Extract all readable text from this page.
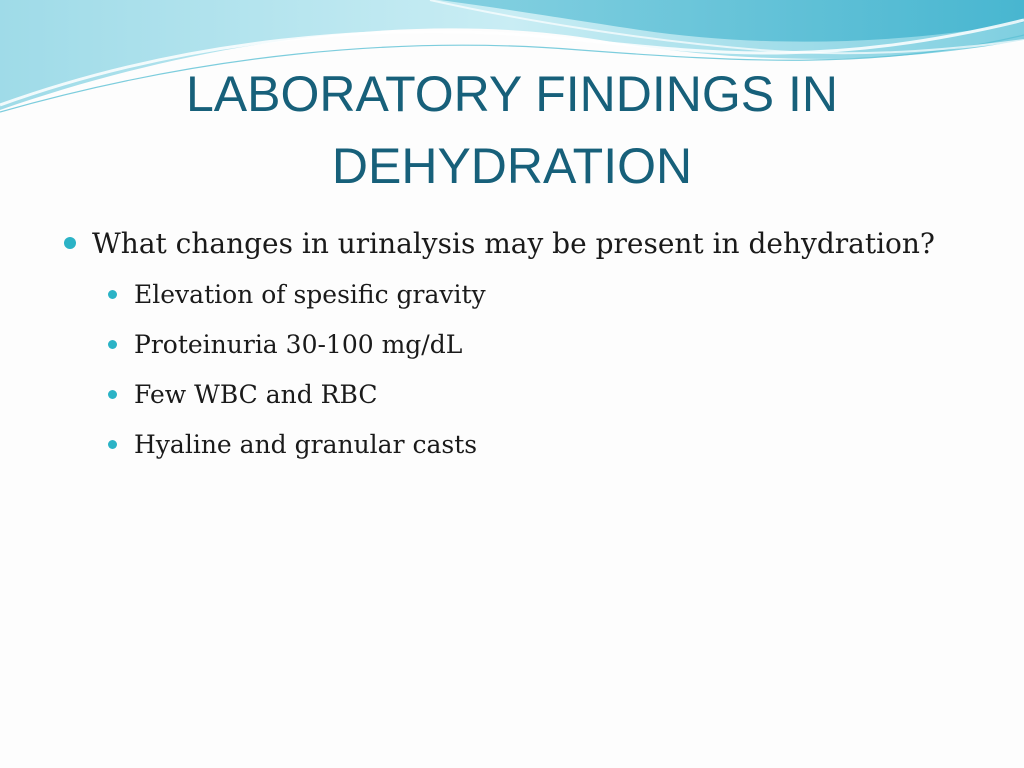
LABORATORY FINDINGS IN DEHYDRATION
What changes in urinalysis may be present in dehydration?
Elevation of spesific gravity
Proteinuria 30-100 mg/dL
Few WBC and RBC
Hyaline and granular casts
